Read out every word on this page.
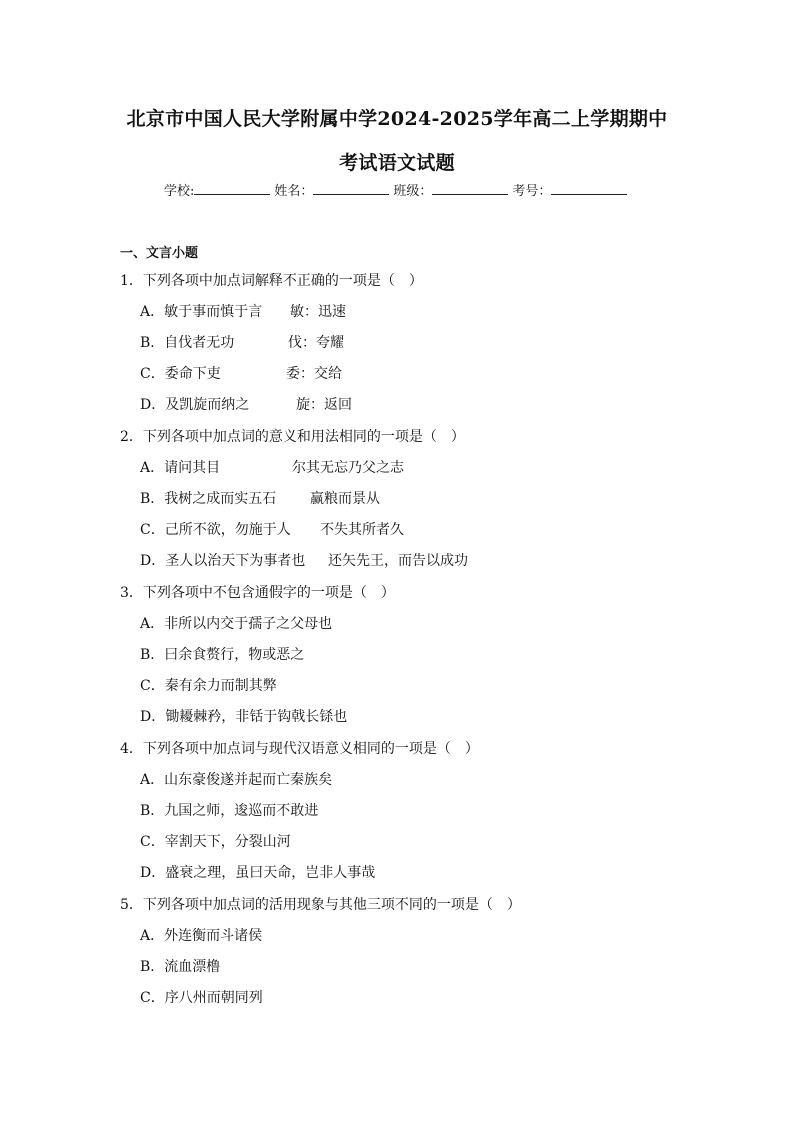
北京市中国人民大学附属中学2024-2025学年高二上学期期中
考试语文试题
学校:	姓名：	班级：	考号：
一、文言小题
1．下列各项中加点词解释不正确的一项是（　）
A．敏于事而慎于言 敏：迅速
B．自伐者无功	伐：夸耀
C．委命下吏	委：交给
D．及凯旋而纳之	旋：返回
2．下列各项中加点词的意义和用法相同的一项是（　）
A．请问其目	尔其无忘乃父之志
B．我树之成而实五石 赢粮而景从
C．己所不欲，勿施于人 不失其所者久
D．圣人以治天下为事者也 还矢先王，而告以成功
3．下列各项中不包含通假字的一项是（　）
A．非所以内交于孺子之父母也
B．曰余食赘行，物或恶之
C．秦有余力而制其弊
D．锄耰棘矜，非铦于钩戟长铩也
4．下列各项中加点词与现代汉语意义相同的一项是（　）
A．山东豪俊遂并起而亡秦族矣
B．九国之师，逡巡而不敢进
C．宰割天下，分裂山河
D．盛衰之理，虽曰天命，岂非人事哉
5．下列各项中加点词的活用现象与其他三项不同的一项是（　）
A．外连衡而斗诸侯
B．流血漂橹
C．序八州而朝同列
